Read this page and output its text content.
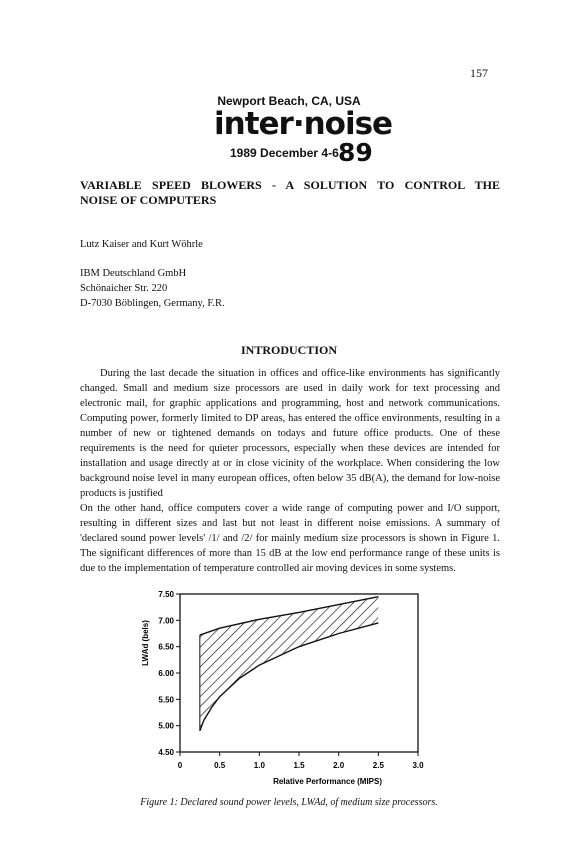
157
Newport Beach, CA, USA
inter·noise
1989 December 4-6 89
VARIABLE SPEED BLOWERS - A SOLUTION TO CONTROL THE
NOISE OF COMPUTERS
Lutz Kaiser and Kurt Wöhrle
IBM Deutschland GmbH
Schönaicher Str. 220
D-7030 Böblingen, Germany, F.R.
INTRODUCTION

During the last decade the situation in offices and office-like environments has significantly changed. Small and medium size processors are used in daily work for text processing and electronic mail, for graphic applications and programming, host and network communications. Computing power, formerly limited to DP areas, has entered the office environments, resulting in a number of new or tightened demands on todays and future office products. One of these requirements is the need for quieter processors, especially when these devices are intended for installation and usage directly at or in close vicinity of the workplace. When considering the low background noise level in many european offices, often below 35 dB(A), the demand for low-noise products is justified

On the other hand, office computers cover a wide range of computing power and I/O support, resulting in different sizes and last but not least in different noise emissions. A summary of 'declared sound power levels' /1/ and /2/ for mainly medium size processors is shown in Figure 1. The significant differences of more than 15 dB at the low end performance range of these units is due to the implementation of temperature controlled air moving devices in some systems.

0	0.5	1.0	1.5	2.0	2.5	3.0
4.50
5.00
5.50
6.00
6.50
7.00
7.50
Relative Performance (MIPS)
LWAd (bels)
Figure 1: Declared sound power levels, LWAd, of medium size processors.
